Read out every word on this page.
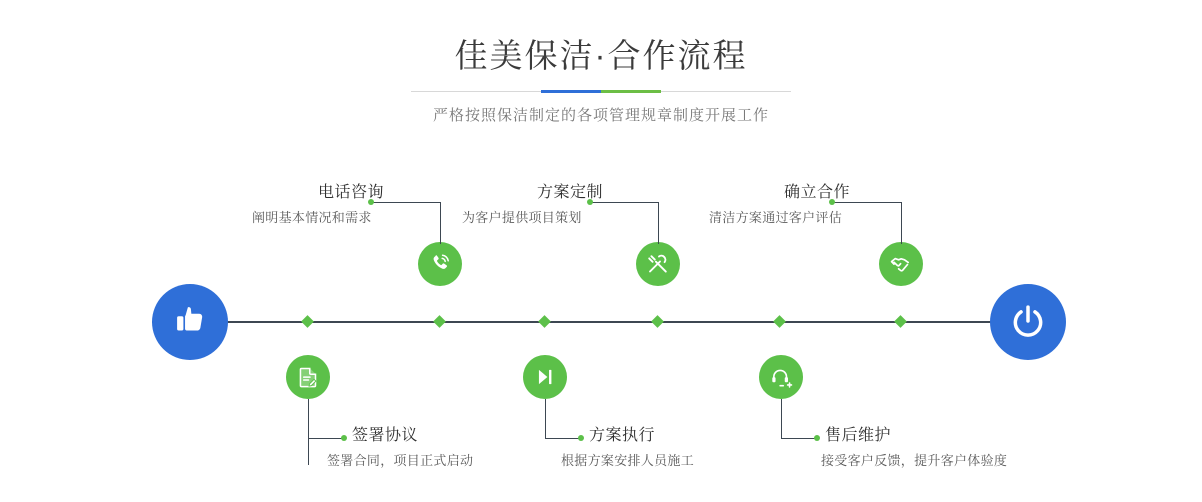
佳美保洁·合作流程

严格按照保洁制定的各项管理规章制度开展工作

电话咨询
阐明基本情况和需求
方案定制
为客户提供项目策划
确立合作
清洁方案通过客户评估
签署协议
签署合同，项目正式启动
方案执行
根据方案安排人员施工
售后维护
接受客户反馈，提升客户体验度
